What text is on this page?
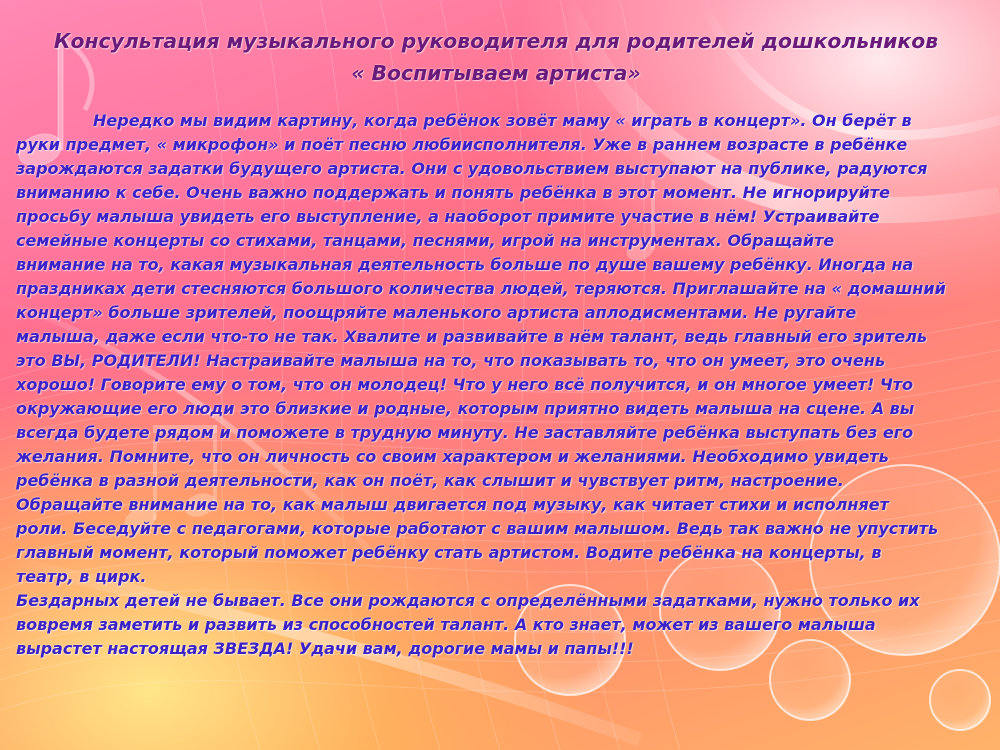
Консультация музыкального руководителя для родителей дошкольников
« Воспитываем артиста»
Нередко мы видим картину, когда ребёнок зовёт маму « играть в концерт». Он берёт в
руки предмет, « микрофон» и поёт песню любиисполнителя. Уже в раннем возрасте в ребёнке
зарождаются задатки будущего артиста. Они с удовольствием выступают на публике, радуются
вниманию к себе. Очень важно поддержать и понять ребёнка в этот момент. Не игнорируйте
просьбу малыша увидеть его выступление, а наоборот примите участие в нём! Устраивайте
семейные концерты со стихами, танцами, песнями, игрой на инструментах. Обращайте
внимание на то, какая музыкальная деятельность больше по душе вашему ребёнку. Иногда на
праздниках дети стесняются большого количества людей, теряются. Приглашайте на « домашний
концерт» больше зрителей, поощряйте маленького артиста аплодисментами. Не ругайте
малыша, даже если что-то не так. Хвалите и развивайте в нём талант, ведь главный его зритель
это ВЫ, РОДИТЕЛИ! Настраивайте малыша на то, что показывать то, что он умеет, это очень
хорошо! Говорите ему о том, что он молодец! Что у него всё получится, и он многое умеет! Что
окружающие его люди это близкие и родные, которым приятно видеть малыша на сцене. А вы
всегда будете рядом и поможете в трудную минуту. Не заставляйте ребёнка выступать без его
желания. Помните, что он личность со своим характером и желаниями. Необходимо увидеть
ребёнка в разной деятельности, как он поёт, как слышит и чувствует ритм, настроение.
Обращайте внимание на то, как малыш двигается под музыку, как читает стихи и исполняет
роли. Беседуйте с педагогами, которые работают с вашим малышом. Ведь так важно не упустить
главный момент, который поможет ребёнку стать артистом. Водите ребёнка на концерты, в
театр, в цирк.
Бездарных детей не бывает. Все они рождаются с определёнными задатками, нужно только их
вовремя заметить и развить из способностей талант. А кто знает, может из вашего малыша
вырастет настоящая ЗВЕЗДА! Удачи вам, дорогие мамы и папы!!!
